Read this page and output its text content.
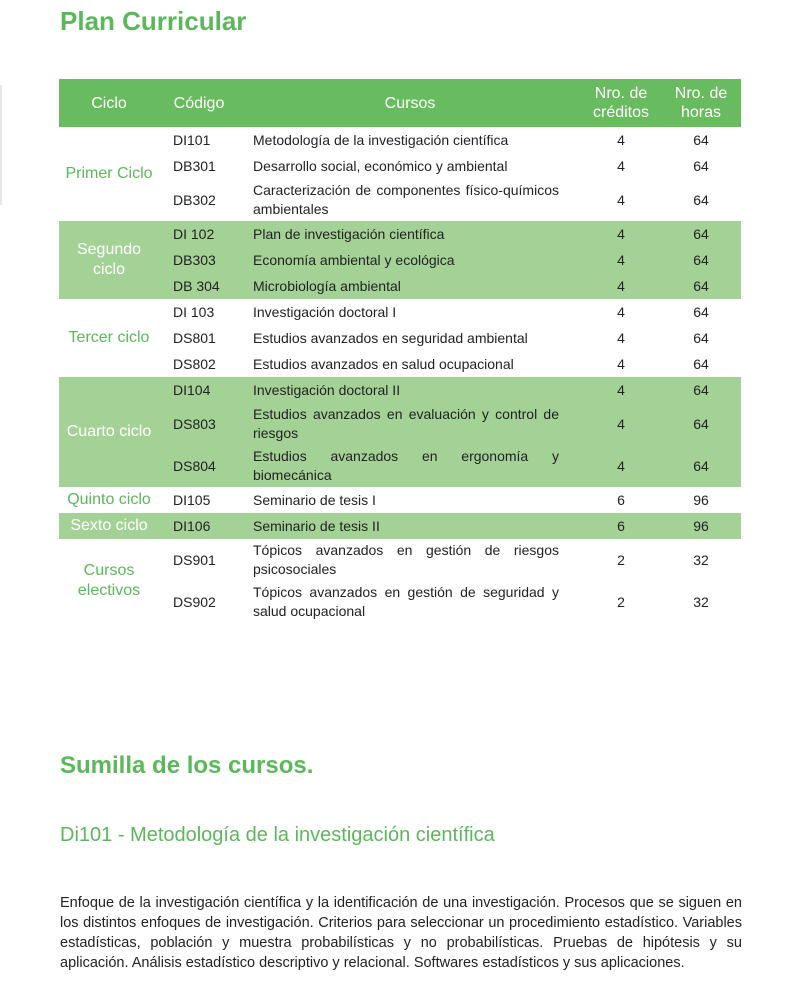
Plan Curricular
Ciclo	Código	Cursos	Nro. de créditos	Nro. de horas
Primer Ciclo	DI101	Metodología de la investigación científica	4	64
	DB301	Desarrollo social, económico y ambiental	4	64
	DB302	Caracterización de componentes físico-químicos ambientales	4	64
Segundo ciclo	DI 102	Plan de investigación científica	4	64
	DB303	Economía ambiental y ecológica	4	64
	DB 304	Microbiología ambiental	4	64
Tercer ciclo	DI 103	Investigación doctoral I	4	64
	DS801	Estudios avanzados en seguridad ambiental	4	64
	DS802	Estudios avanzados en salud ocupacional	4	64
Cuarto ciclo	DI104	Investigación doctoral II	4	64
	DS803	Estudios avanzados en evaluación y control de riesgos	4	64
	DS804	Estudios avanzados en ergonomía y biomecánica	4	64
Quinto ciclo	DI105	Seminario de tesis I	6	96
Sexto ciclo	DI106	Seminario de tesis II	6	96
Cursos electivos	DS901	Tópicos avanzados en gestión de riesgos psicosociales	2	32
	DS902	Tópicos avanzados en gestión de seguridad y salud ocupacional	2	32
Sumilla de los cursos.
Di101 - Metodología de la investigación científica

Enfoque de la investigación científica y la identificación de una investigación. Procesos que se siguen en los distintos enfoques de investigación. Criterios para seleccionar un procedimiento estadístico. Variables estadísticas, población y muestra probabilísticas y no probabilísticas. Pruebas de hipótesis y su aplicación. Análisis estadístico descriptivo y relacional. Softwares estadísticos y sus aplicaciones.
